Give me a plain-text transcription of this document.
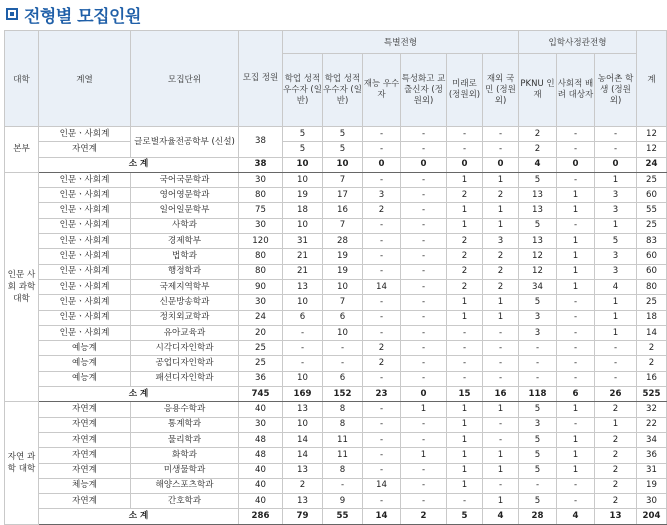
전형별 모집인원
대학	계열	모집단위	모집 정원	특별전형						입학사정관전형			계
				학업 성적 우수자 (일반)	학업 성적 우수자 (일반)	재능 우수자	특성화고 교출신자 (정원외)	미래로 (정원외)	재외 국민 (정원외)	PKNU 인재	사회적 배려 대상자	농어촌 학생 (정원외)	
본부	인문ㆍ사회계	글로벌자율전공학부 (신설)	38	5	5	-	-	-	-	2	-	-	12
	자연계			5	5	-	-	-	-	2	-	-	12
	소 계		38	10	10	0	0	0	0	4	0	0	24
인문 사회 과학 대학	인문ㆍ사회계	국어국문학과	30	10	7	-	-	1	1	5	-	1	25
	인문ㆍ사회계	영어영문학과	80	19	17	3	-	2	2	13	1	3	60
	인문ㆍ사회계	일어일문학부	75	18	16	2	-	1	1	13	1	3	55
	인문ㆍ사회계	사학과	30	10	7	-	-	1	1	5	-	1	25
	인문ㆍ사회계	경제학부	120	31	28	-	-	2	3	13	1	5	83
	인문ㆍ사회계	법학과	80	21	19	-	-	2	2	12	1	3	60
	인문ㆍ사회계	행정학과	80	21	19	-	-	2	2	12	1	3	60
	인문ㆍ사회계	국제지역학부	90	13	10	14	-	2	2	34	1	4	80
	인문ㆍ사회계	신문방송학과	30	10	7	-	-	1	1	5	-	1	25
	인문ㆍ사회계	정치외교학과	24	6	6	-	-	1	1	3	-	1	18
	인문ㆍ사회계	유아교육과	20	-	10	-	-	-	-	3	-	1	14
	예능계	시각디자인학과	25	-	-	2	-	-	-	-	-	-	2
	예능계	공업디자인학과	25	-	-	2	-	-	-	-	-	-	2
	예능계	패션디자인학과	36	10	6	-	-	-	-	-	-	-	16
	소 계		745	169	152	23	0	15	16	118	6	26	525
자연 과학 대학	자연계	응용수학과	40	13	8	-	1	1	1	5	1	2	32
	자연계	통계학과	30	10	8	-	-	1	-	3	-	1	22
	자연계	물리학과	48	14	11	-	-	1	-	5	1	2	34
	자연계	화학과	48	14	11	-	1	1	1	5	1	2	36
	자연계	미생물학과	40	13	8	-	-	1	1	5	1	2	31
	체능계	해양스포츠학과	40	2	-	14	-	1	-	-	-	2	19
	자연계	간호학과	40	13	9	-	-	-	1	5	-	2	30
	소 계		286	79	55	14	2	5	4	28	4	13	204
